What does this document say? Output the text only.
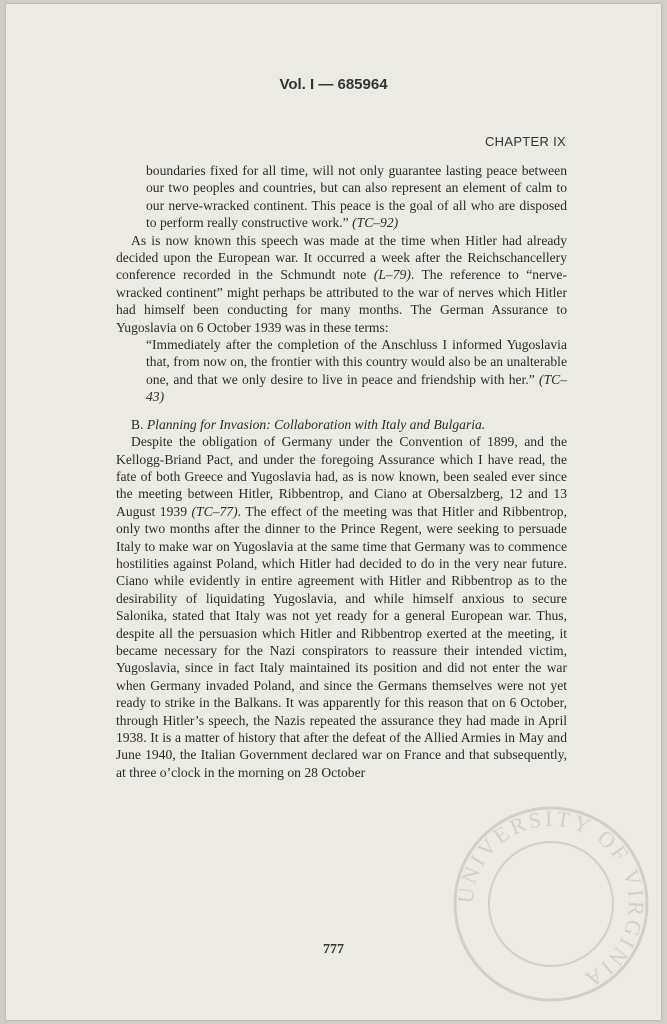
Vol. I — 685964
CHAPTER IX

boundaries fixed for all time, will not only guarantee lasting peace between our two peoples and countries, but can also represent an element of calm to our nerve-wracked continent. This peace is the goal of all who are disposed to perform really constructive work.” (TC–92)

As is now known this speech was made at the time when Hitler had already decided upon the European war. It occurred a week after the Reichschancellery conference recorded in the Schmundt note (L–79). The reference to “nerve-wracked continent” might perhaps be attributed to the war of nerves which Hitler had himself been conducting for many months. The German Assurance to Yugoslavia on 6 October 1939 was in these terms:

“Immediately after the completion of the Anschluss I informed Yugoslavia that, from now on, the frontier with this country would also be an unalterable one, and that we only desire to live in peace and friendship with her.” (TC–43)

B. Planning for Invasion: Collaboration with Italy and Bulgaria.

Despite the obligation of Germany under the Convention of 1899, and the Kellogg-Briand Pact, and under the foregoing Assurance which I have read, the fate of both Greece and Yugoslavia had, as is now known, been sealed ever since the meeting between Hitler, Ribbentrop, and Ciano at Obersalzberg, 12 and 13 August 1939 (TC–77). The effect of the meeting was that Hitler and Ribbentrop, only two months after the dinner to the Prince Regent, were seeking to persuade Italy to make war on Yugoslavia at the same time that Germany was to commence hostilities against Poland, which Hitler had decided to do in the very near future. Ciano while evidently in entire agreement with Hitler and Ribbentrop as to the desirability of liquidating Yugoslavia, and while himself anxious to secure Salonika, stated that Italy was not yet ready for a general European war. Thus, despite all the persuasion which Hitler and Ribbentrop exerted at the meeting, it became necessary for the Nazi conspirators to reassure their intended victim, Yugoslavia, since in fact Italy maintained its position and did not enter the war when Germany invaded Poland, and since the Germans themselves were not yet ready to strike in the Balkans. It was apparently for this reason that on 6 October, through Hitler’s speech, the Nazis repeated the assurance they had made in April 1938. It is a matter of history that after the defeat of the Allied Armies in May and June 1940, the Italian Government declared war on France and that subsequently, at three o’clock in the morning on 28 October

777
UNIVERSITY OF VIRGINIA
